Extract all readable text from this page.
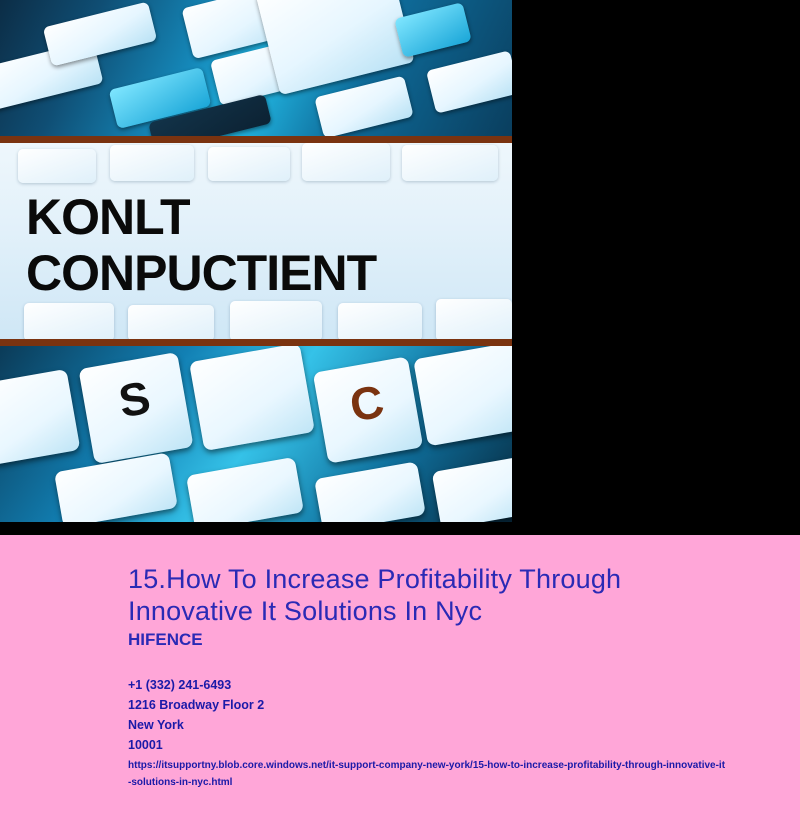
KONLT
CONPUCTIENT
S	C
15.How To Increase Profitability Through Innovative It Solutions In Nyc
HIFENCE
+1 (332) 241-6493
1216 Broadway Floor 2
New York
10001
https://itsupportny.blob.core.windows.net/it-support-company-new-york/15-how-to-increase-profitability-through-innovative-it-solutions-in-nyc.html
